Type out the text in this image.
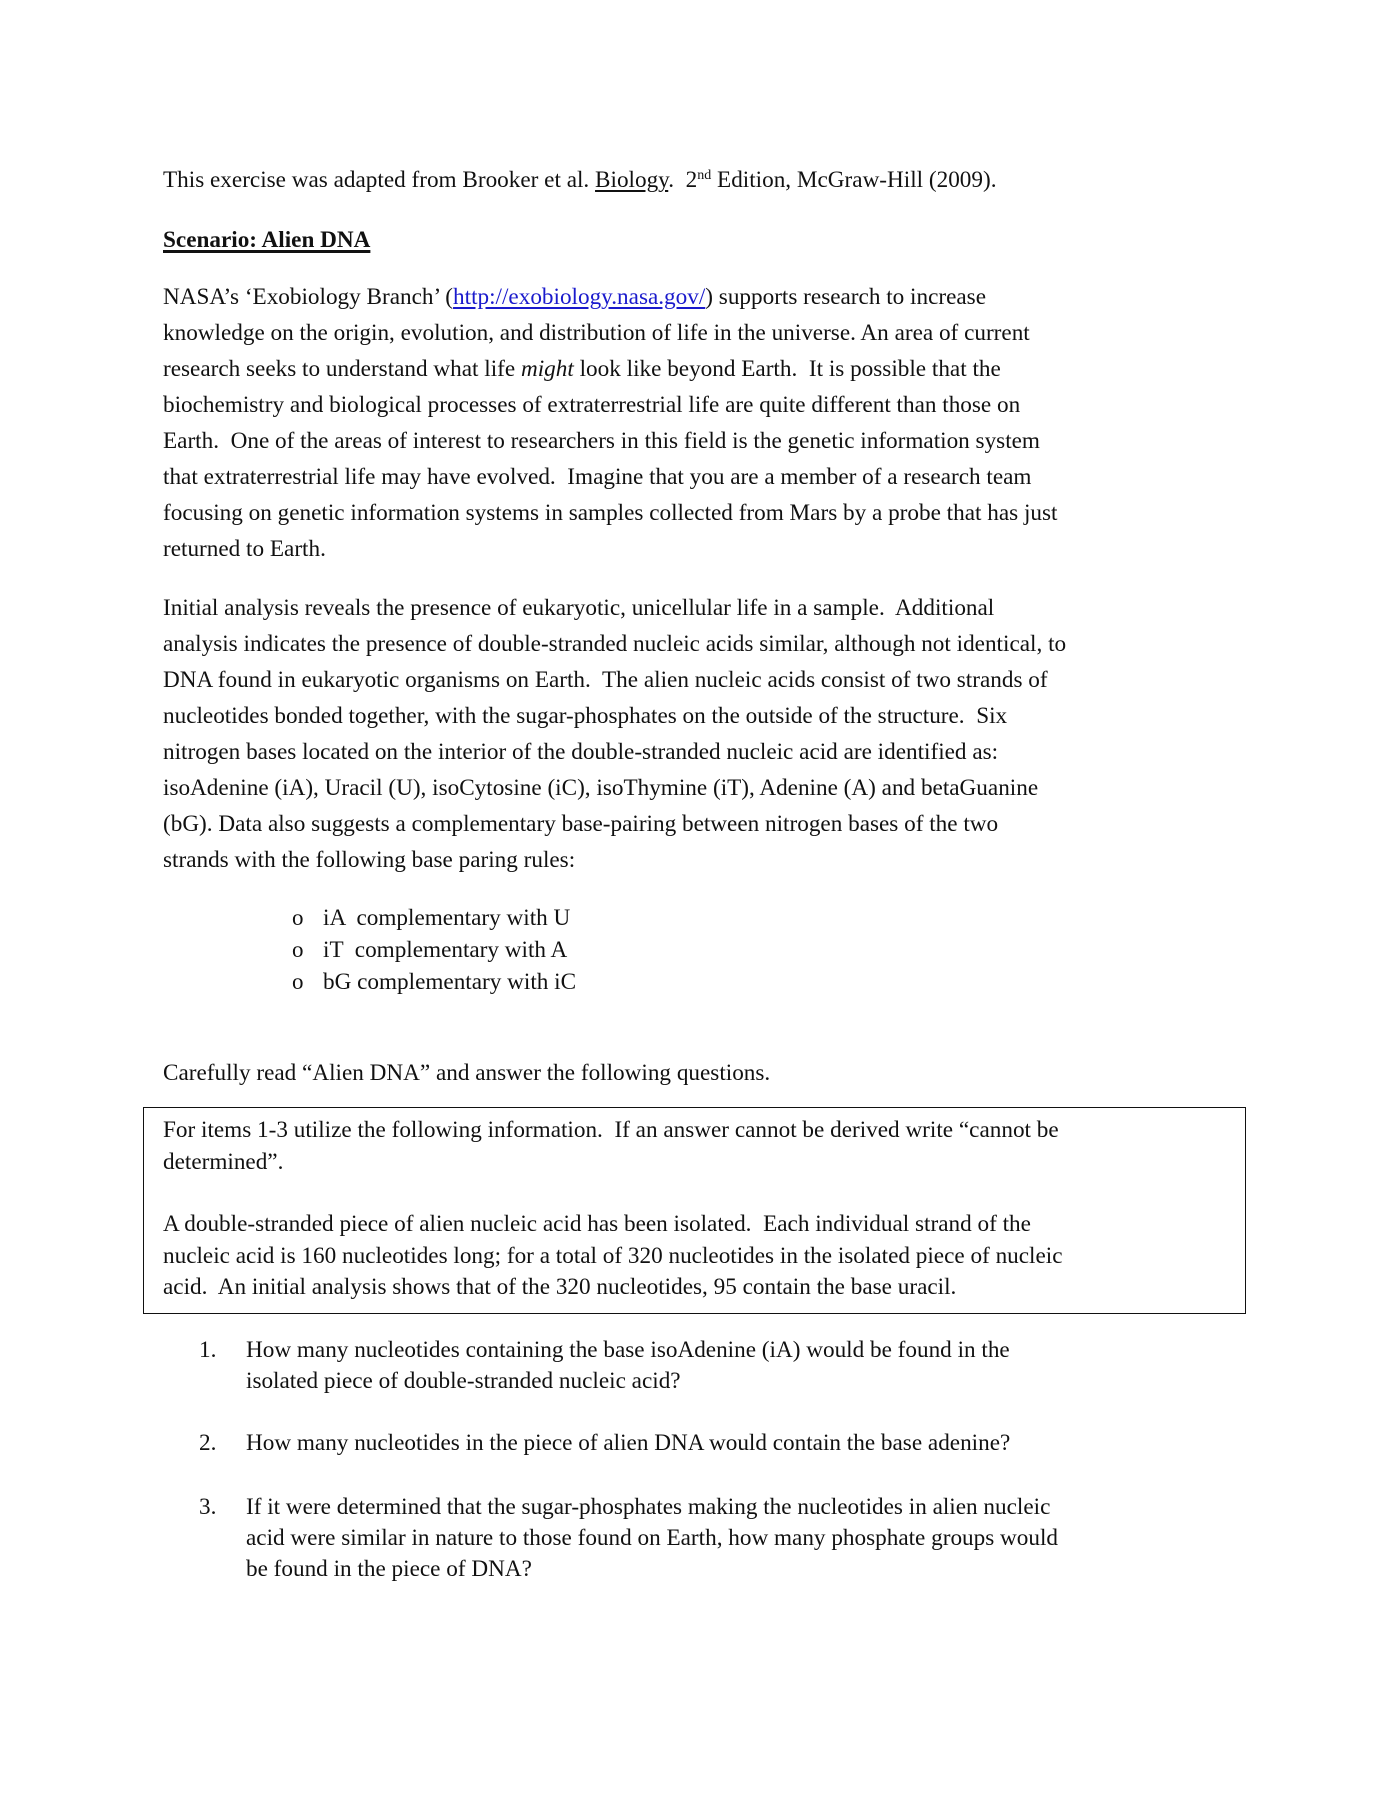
This exercise was adapted from Brooker et al. Biology.  2nd Edition, McGraw-Hill (2009).
Scenario: Alien DNA
NASA’s ‘Exobiology Branch’ (http://exobiology.nasa.gov/) supports research to increase
knowledge on the origin, evolution, and distribution of life in the universe. An area of current
research seeks to understand what life might look like beyond Earth.  It is possible that the
biochemistry and biological processes of extraterrestrial life are quite different than those on
Earth.  One of the areas of interest to researchers in this field is the genetic information system
that extraterrestrial life may have evolved.  Imagine that you are a member of a research team
focusing on genetic information systems in samples collected from Mars by a probe that has just
returned to Earth.
Initial analysis reveals the presence of eukaryotic, unicellular life in a sample.  Additional
analysis indicates the presence of double-stranded nucleic acids similar, although not identical, to
DNA found in eukaryotic organisms on Earth.  The alien nucleic acids consist of two strands of
nucleotides bonded together, with the sugar-phosphates on the outside of the structure.  Six
nitrogen bases located on the interior of the double-stranded nucleic acid are identified as:
isoAdenine (iA), Uracil (U), isoCytosine (iC), isoThymine (iT), Adenine (A) and betaGuanine
(bG). Data also suggests a complementary base-pairing between nitrogen bases of the two
strands with the following base paring rules:
o iA  complementary with U
o iT  complementary with A
o bG complementary with iC
Carefully read “Alien DNA” and answer the following questions.
For items 1-3 utilize the following information.  If an answer cannot be derived write “cannot be
determined”.
A double-stranded piece of alien nucleic acid has been isolated.  Each individual strand of the
nucleic acid is 160 nucleotides long; for a total of 320 nucleotides in the isolated piece of nucleic
acid.  An initial analysis shows that of the 320 nucleotides, 95 contain the base uracil.
1. How many nucleotides containing the base isoAdenine (iA) would be found in the
isolated piece of double-stranded nucleic acid?
2. How many nucleotides in the piece of alien DNA would contain the base adenine?
3. If it were determined that the sugar-phosphates making the nucleotides in alien nucleic
acid were similar in nature to those found on Earth, how many phosphate groups would
be found in the piece of DNA?
